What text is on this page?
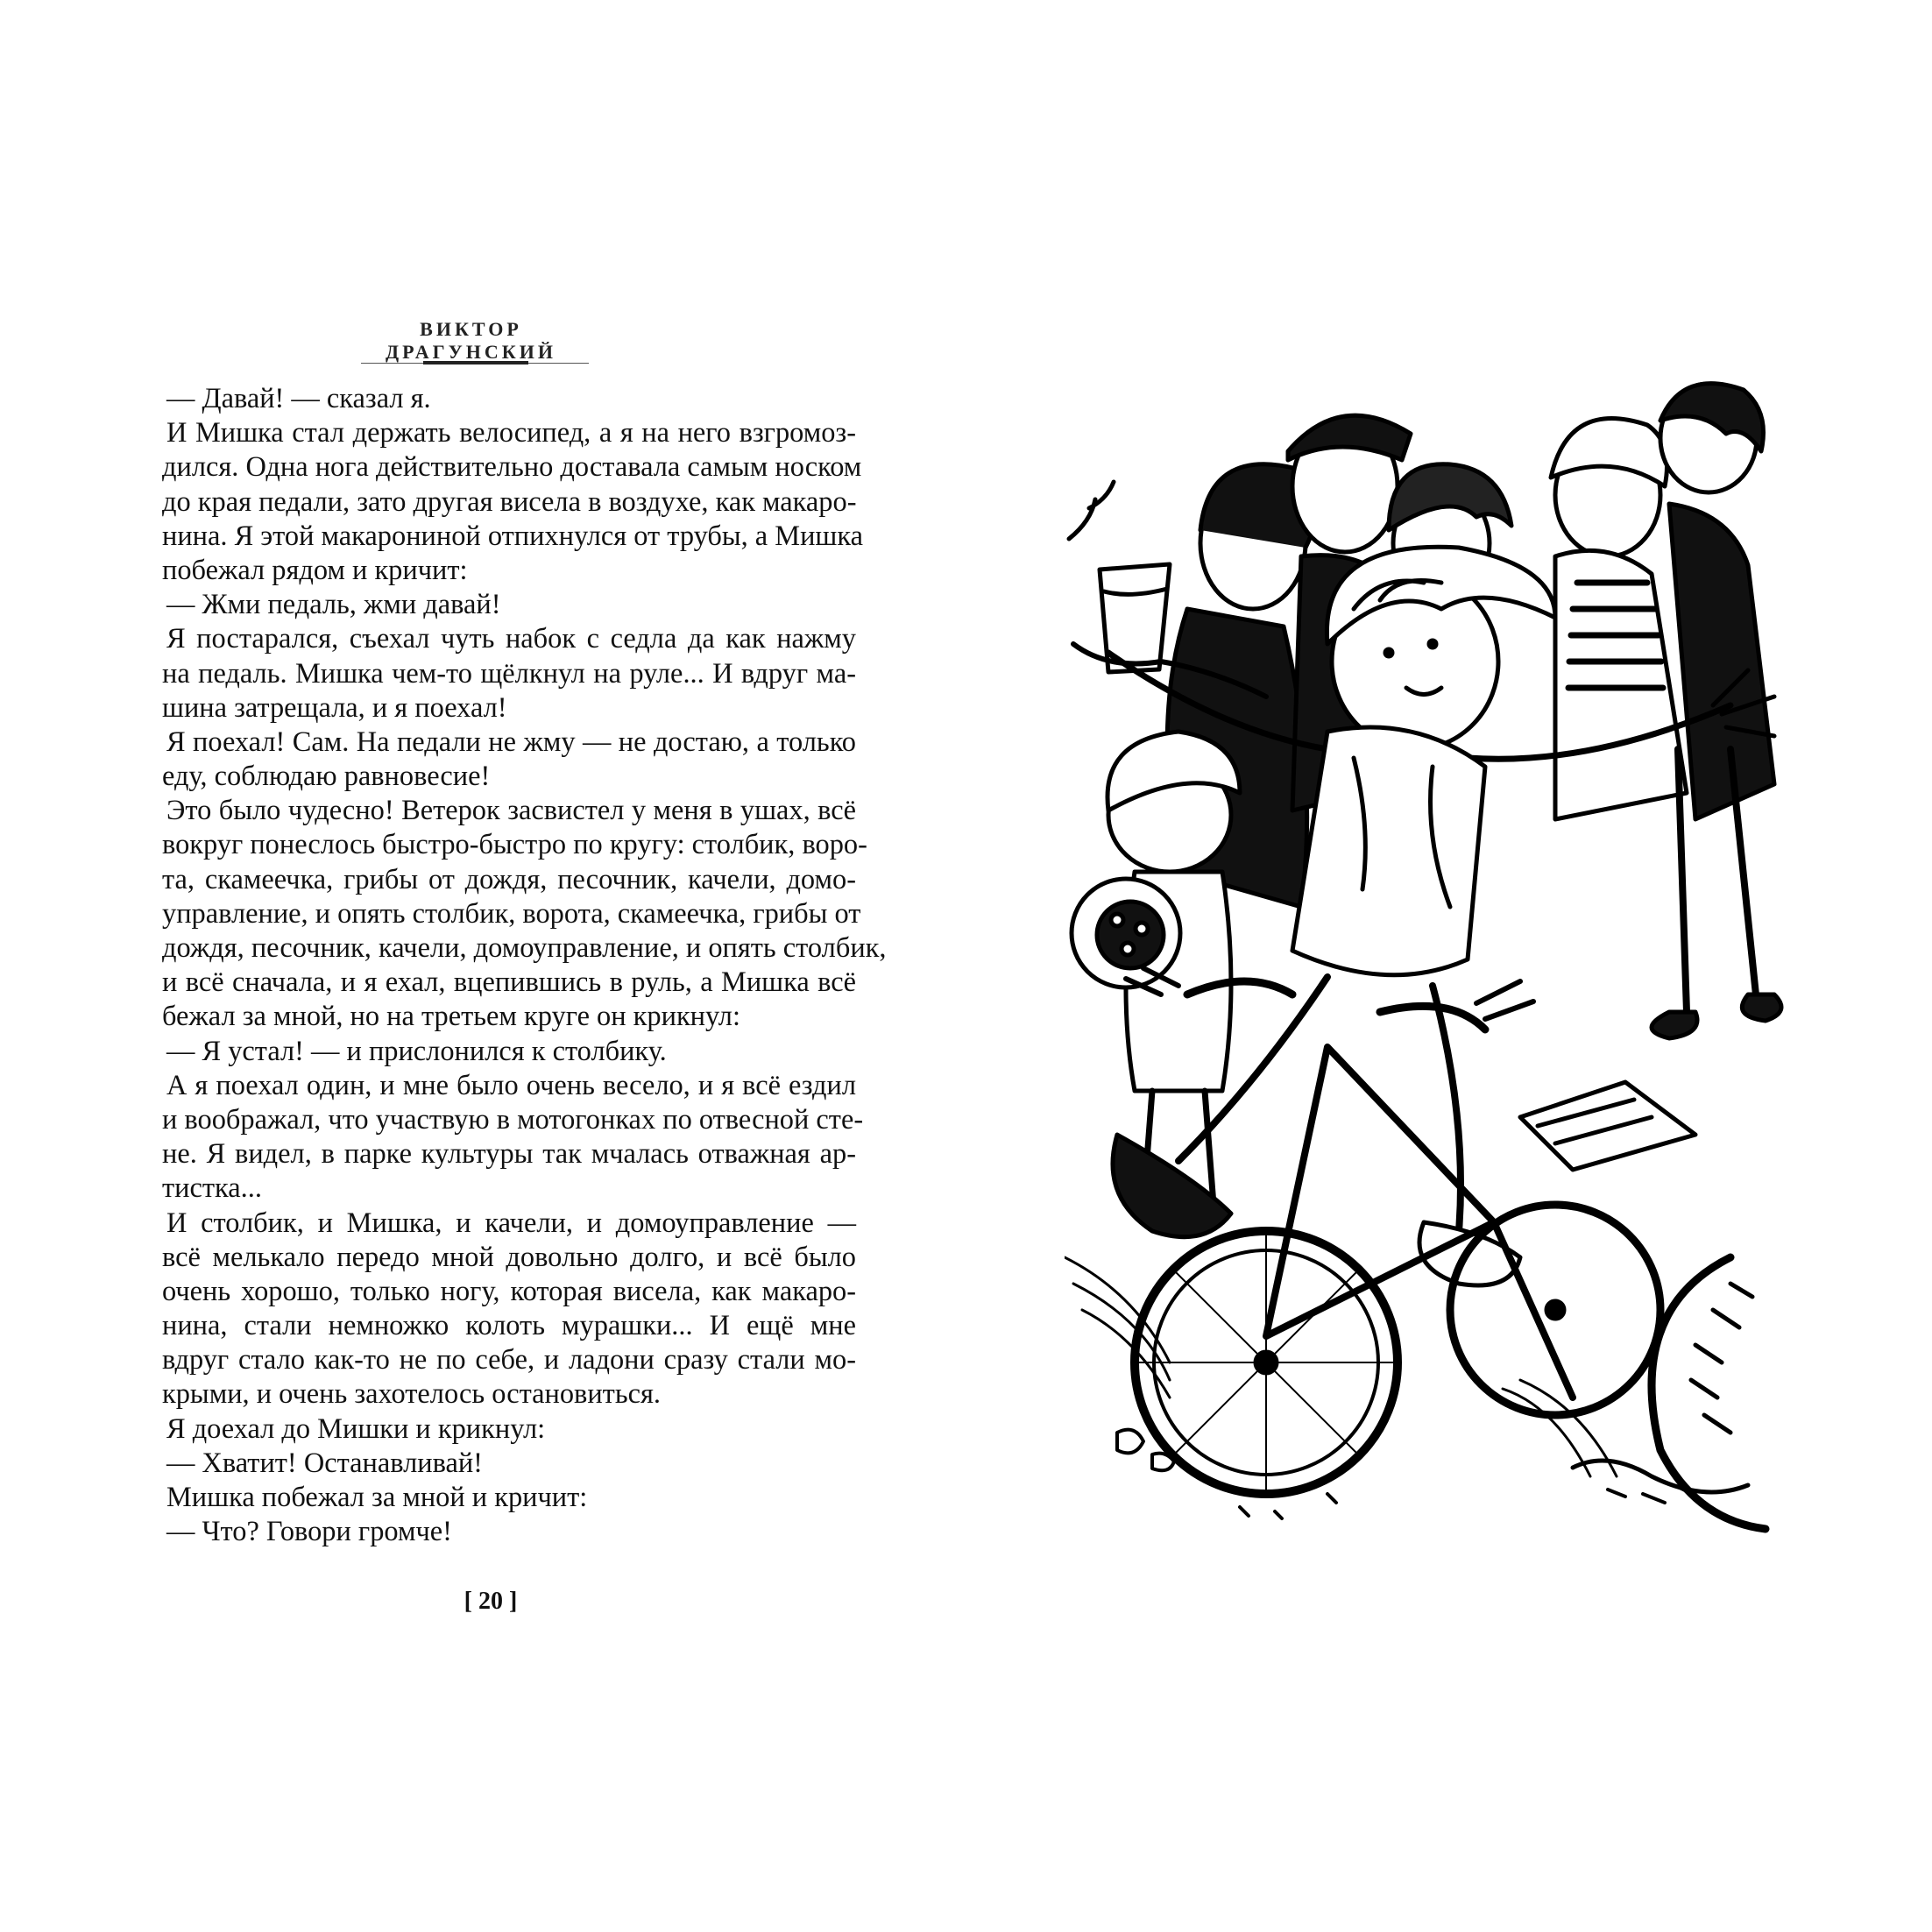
ВИКТОР ДРАГУНСКИЙ
— Давай! — сказал я.
И Мишка стал держать велосипед, а я на него взгромоз-
дился. Одна нога действительно доставала самым носком
до края педали, зато другая висела в воздухе, как макаро-
нина. Я этой макарониной отпихнулся от трубы, а Мишка
побежал рядом и кричит:
— Жми педаль, жми давай!
Я постарался, съехал чуть набок с седла да как нажму
на педаль. Мишка чем-то щёлкнул на руле... И вдруг ма-
шина затрещала, и я поехал!
Я поехал! Сам. На педали не жму — не достаю, а только
еду, соблюдаю равновесие!
Это было чудесно! Ветерок засвистел у меня в ушах, всё
вокруг понеслось быстро-быстро по кругу: столбик, воро-
та, скамеечка, грибы от дождя, песочник, качели, домо-
управление, и опять столбик, ворота, скамеечка, грибы от
дождя, песочник, качели, домоуправление, и опять столбик,
и всё сначала, и я ехал, вцепившись в руль, а Мишка всё
бежал за мной, но на третьем круге он крикнул:
— Я устал! — и прислонился к столбику.
А я поехал один, и мне было очень весело, и я всё ездил
и воображал, что участвую в мотогонках по отвесной сте-
не. Я видел, в парке культуры так мчалась отважная ар-
тистка...
И столбик, и Мишка, и качели, и домоуправление —
всё мелькало передо мной довольно долго, и всё было
очень хорошо, только ногу, которая висела, как макаро-
нина, стали немножко колоть мурашки... И ещё мне
вдруг стало как-то не по себе, и ладони сразу стали мо-
крыми, и очень захотелось остановиться.
Я доехал до Мишки и крикнул:
— Хватит! Останавливай!
Мишка побежал за мной и кричит:
— Что? Говори громче!
[ 20 ]
